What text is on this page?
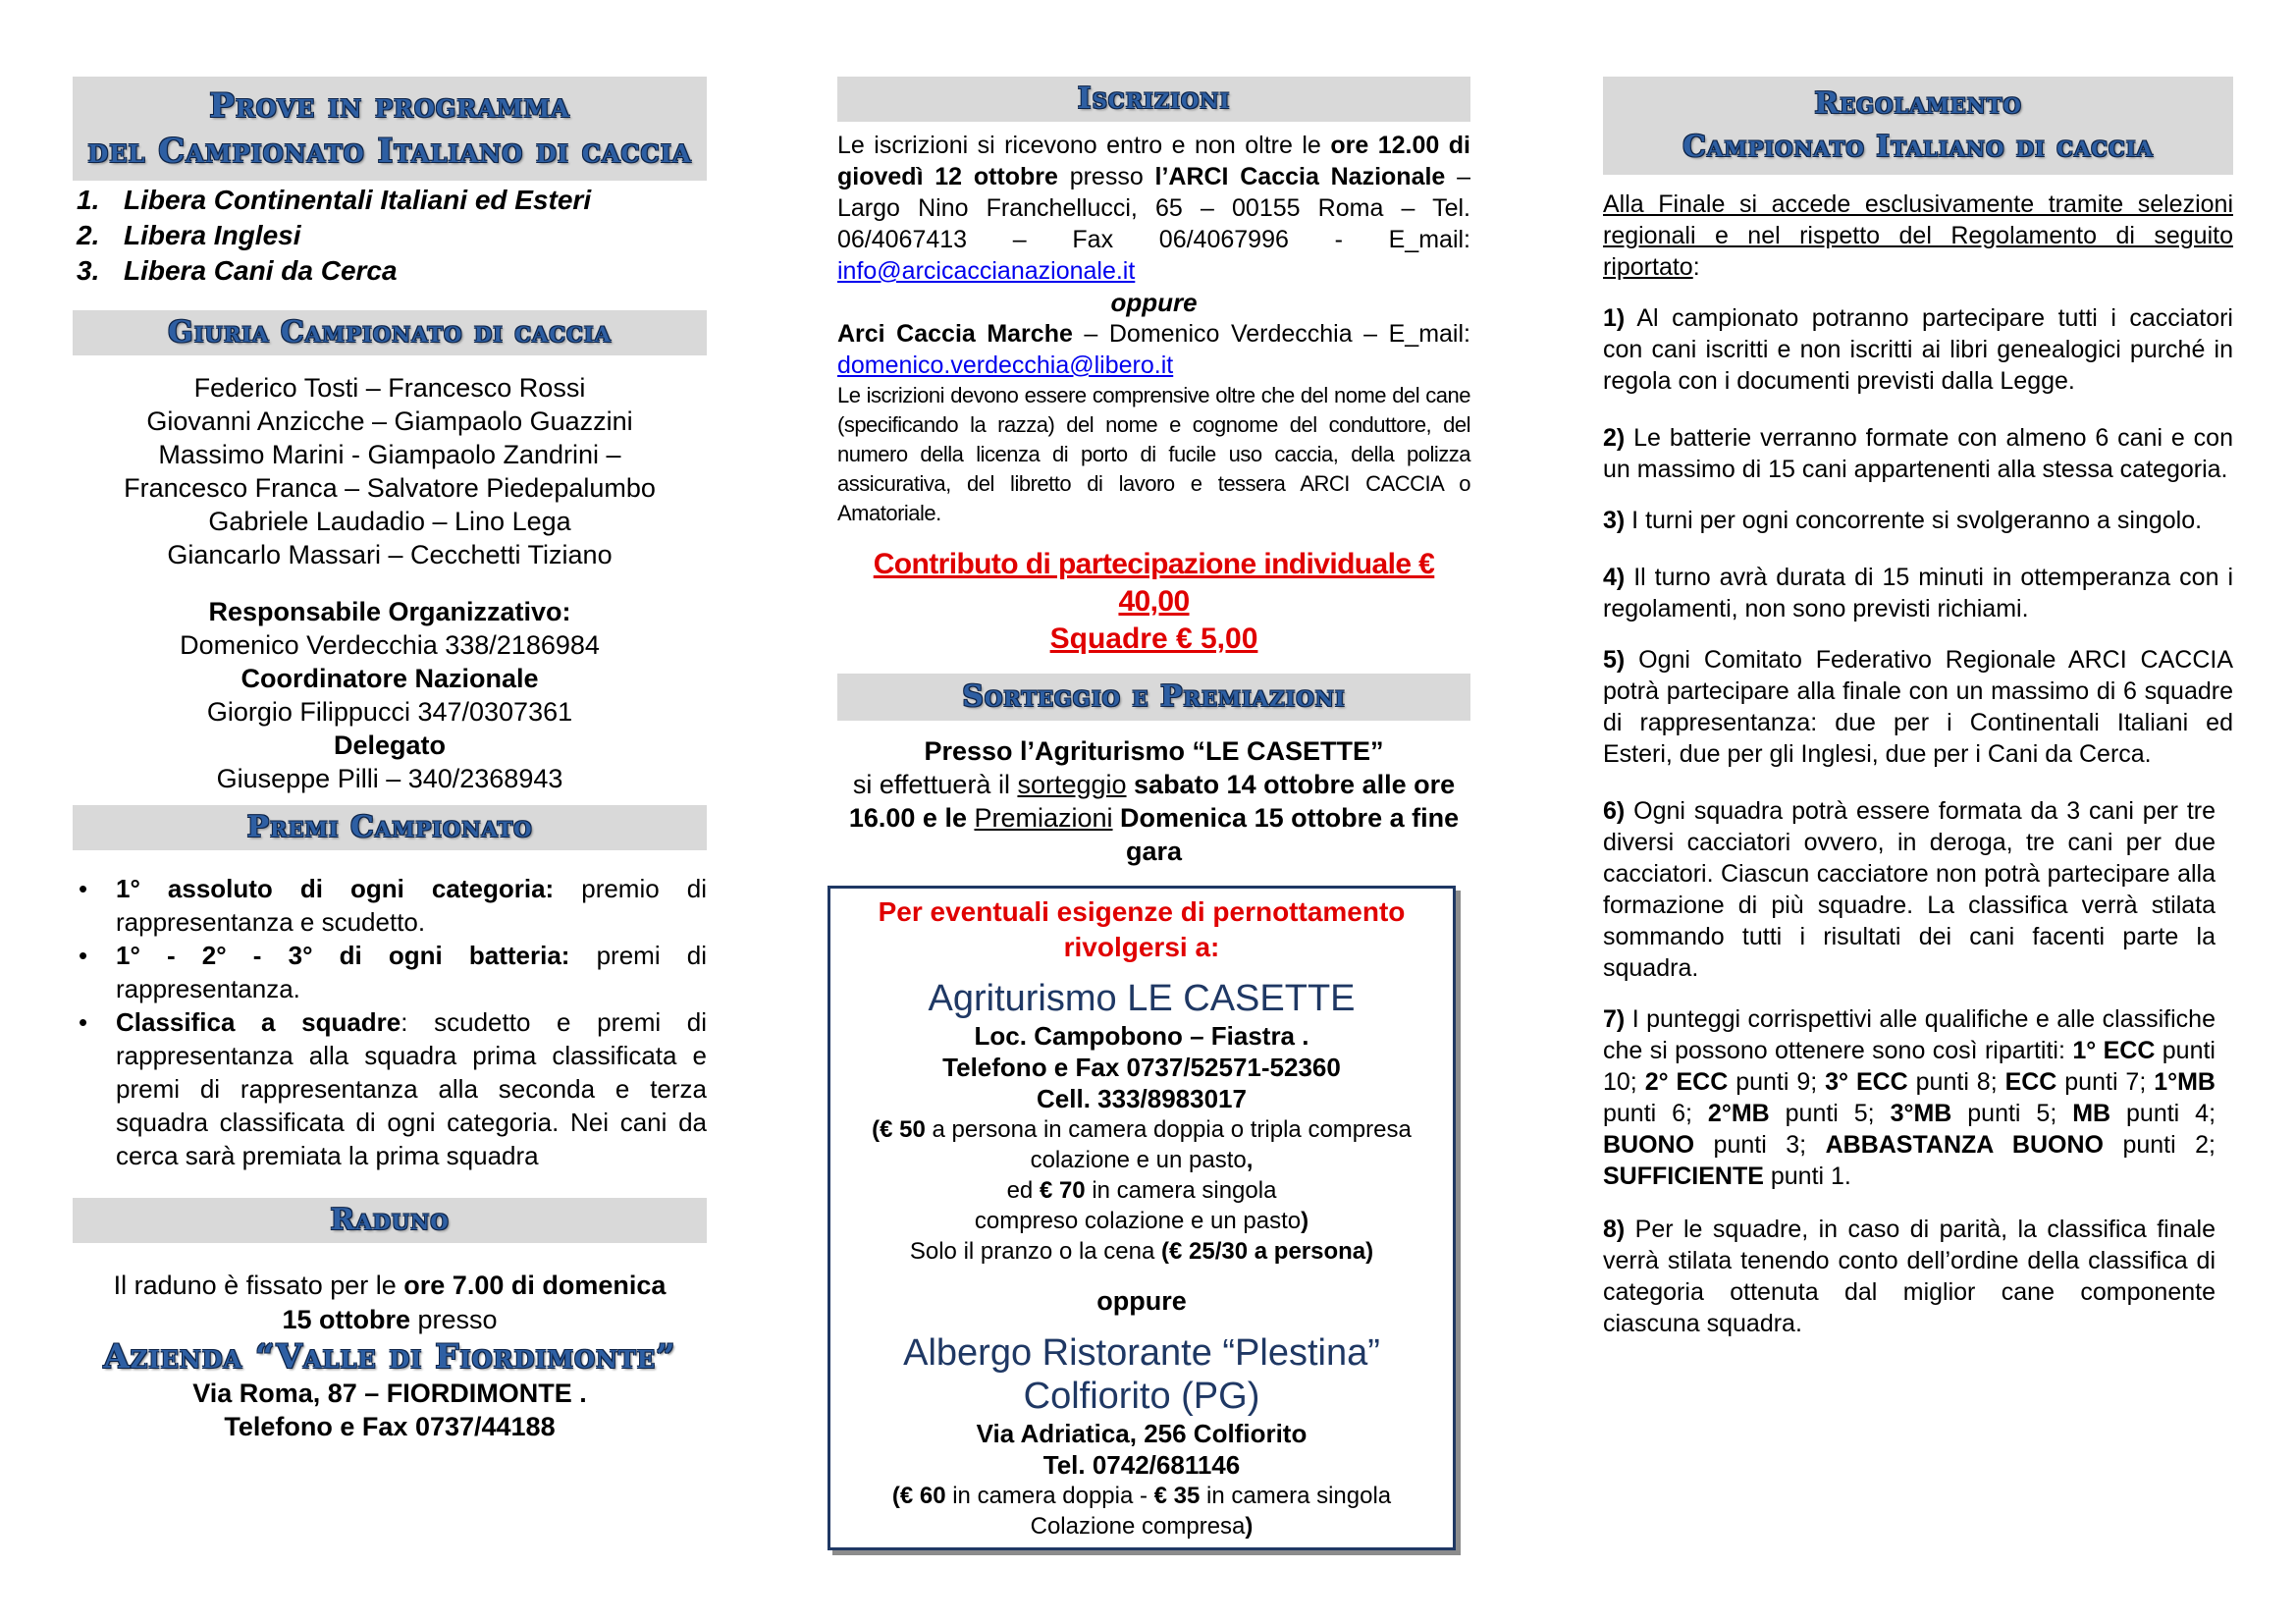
Prove in programma
del Campionato Italiano di caccia
1. Libera Continentali Italiani ed Esteri
2. Libera Inglesi
3. Libera Cani da Cerca
Giuria Campionato di caccia

Federico Tosti – Francesco Rossi

Giovanni Anzicche – Giampaolo Guazzini

Massimo Marini - Giampaolo Zandrini –

Francesco Franca – Salvatore Piedepalumbo

Gabriele Laudadio – Lino Lega

Giancarlo Massari – Cecchetti Tiziano

Responsabile Organizzativo:

Domenico Verdecchia 338/2186984

Coordinatore Nazionale

Giorgio Filippucci 347/0307361

Delegato

Giuseppe Pilli – 340/2368943

Premi Campionato
• 1° assoluto di ogni categoria: premio di rappresentanza e scudetto.
• 1° - 2° - 3° di ogni batteria: premi di rappresentanza.
• Classifica a squadre: scudetto e premi di rappresentanza alla squadra prima classificata e premi di rappresentanza alla seconda e terza squadra classificata di ogni categoria. Nei cani da cerca sarà premiata la prima squadra
Raduno
Il raduno è fissato per le ore 7.00 di domenica 15 ottobre presso
Azienda “Valle di Fiordimonte”

Via Roma, 87 – FIORDIMONTE .

Telefono e Fax 0737/44188

Iscrizioni

Le iscrizioni si ricevono entro e non oltre le ore 12.00 di giovedì 12 ottobre presso l’ARCI Caccia Nazionale – Largo Nino Franchellucci, 65 – 00155 Roma – Tel. 06/4067413 – Fax 06/4067996 - E_mail: info@arcicaccianazionale.it

oppure

Arci Caccia Marche – Domenico Verdecchia – E_mail: domenico.verdecchia@libero.it

Le iscrizioni devono essere comprensive oltre che del nome del cane (specificando la razza) del nome e cognome del conduttore, del numero della licenza di porto di fucile uso caccia, della polizza assicurativa, del libretto di lavoro e tessera ARCI CACCIA o Amatoriale.

Contributo di partecipazione individuale € 40,00

Squadre € 5,00

Sorteggio e Premiazioni

Presso l’Agriturismo “LE CASETTE”

si effettuerà il sorteggio sabato 14 ottobre alle ore 16.00 e le Premiazioni Domenica 15 ottobre a fine gara

Per eventuali esigenze di pernottamento rivolgersi a:

Agriturismo LE CASETTE

Loc. Campobono – Fiastra .

Telefono e Fax 0737/52571-52360

Cell. 333/8983017

(€ 50 a persona in camera doppia o tripla compresa colazione e un pasto,

ed € 70 in camera singola

compreso colazione e un pasto)

Solo il pranzo o la cena (€ 25/30 a persona)

oppure

Albergo Ristorante “Plestina”

Colfiorito (PG)

Via Adriatica, 256 Colfiorito

Tel. 0742/681146

(€ 60 in camera doppia - € 35 in camera singola

Colazione compresa)

Regolamento
Campionato Italiano di caccia

Alla Finale si accede esclusivamente tramite selezioni regionali e nel rispetto del Regolamento di seguito riportato:

1) Al campionato potranno partecipare tutti i cacciatori con cani iscritti e non iscritti ai libri genealogici purché in regola con i documenti previsti dalla Legge.

2) Le batterie verranno formate con almeno 6 cani e con un massimo di 15 cani appartenenti alla stessa categoria.

3) I turni per ogni concorrente si svolgeranno a singolo.

4) Il turno avrà durata di 15 minuti in ottemperanza con i regolamenti, non sono previsti richiami.

5) Ogni Comitato Federativo Regionale ARCI CACCIA potrà partecipare alla finale con un massimo di 6 squadre di rappresentanza: due per i Continentali Italiani ed Esteri, due per gli Inglesi, due per i Cani da Cerca.

6) Ogni squadra potrà essere formata da 3 cani per tre diversi cacciatori ovvero, in deroga, tre cani per due cacciatori. Ciascun cacciatore non potrà partecipare alla formazione di più squadre. La classifica verrà stilata sommando tutti i risultati dei cani facenti parte la squadra.

7) I punteggi corrispettivi alle qualifiche e alle classifiche che si possono ottenere sono così ripartiti: 1° ECC punti 10; 2° ECC punti 9; 3° ECC punti 8; ECC punti 7; 1°MB punti 6; 2°MB punti 5; 3°MB punti 5; MB punti 4; BUONO punti 3; ABBASTANZA BUONO punti 2; SUFFICIENTE punti 1.

8) Per le squadre, in caso di parità, la classifica finale verrà stilata tenendo conto dell’ordine della classifica di categoria ottenuta dal miglior cane componente ciascuna squadra.
